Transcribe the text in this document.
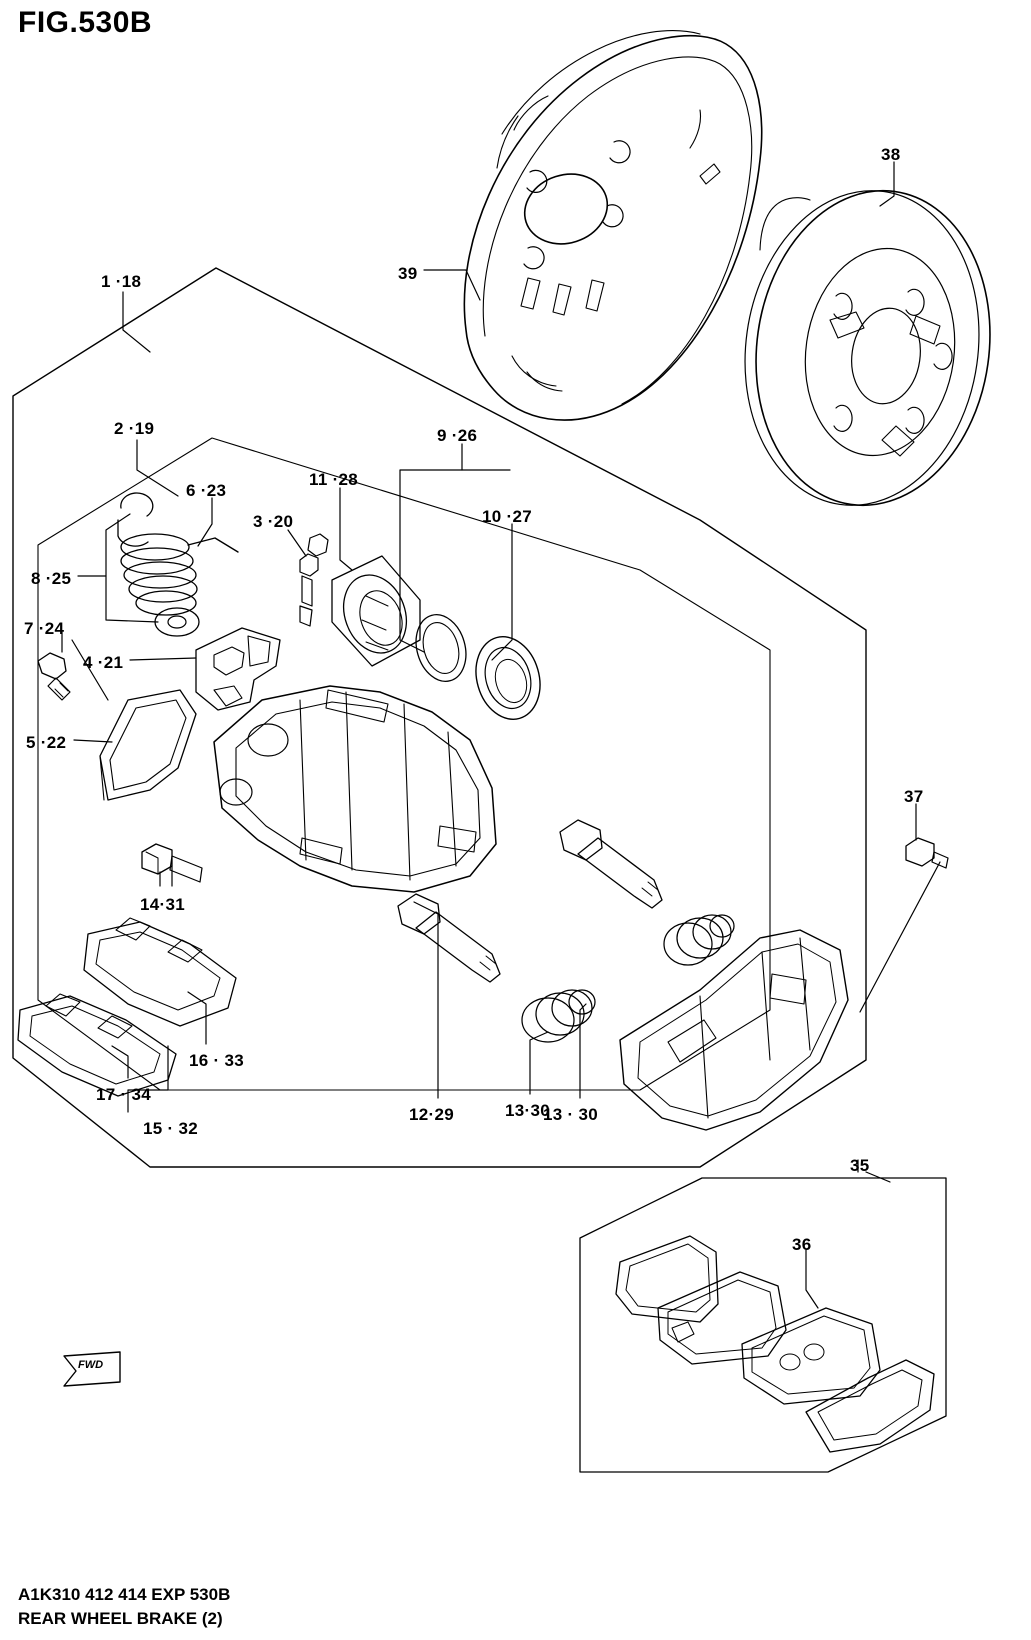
FIG.530B
1 ·18
2 ·19
6 ·23
3 ·20
11 ·28
9 ·26
10 ·27
8 ·25
7 ·24
4 ·21
5 ·22
14·31
16 · 33
17 · 34
15 · 32
12·29	13·30
13 · 30
39
38
37
35
36
FWD
A1K310 412 414 EXP 530B
REAR WHEEL BRAKE (2)
